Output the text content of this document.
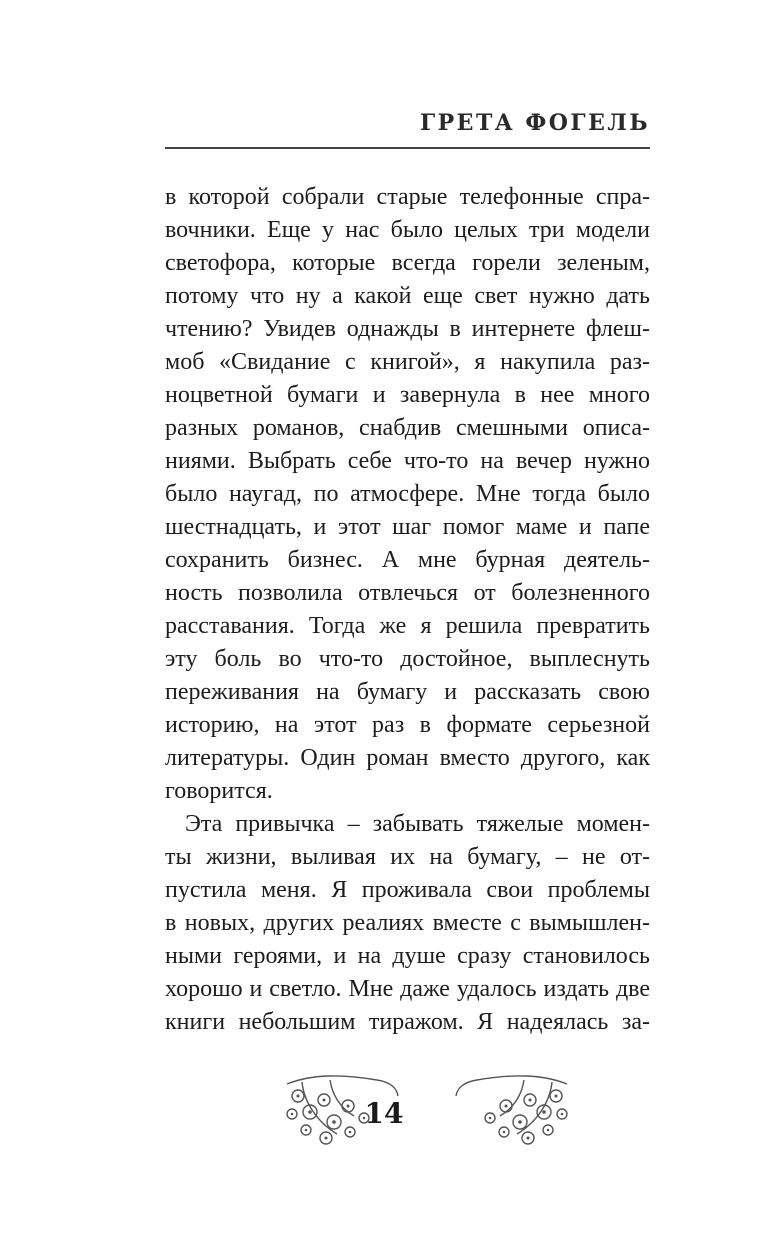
ГРЕТА ФОГЕЛЬ
в которой собрали старые телефонные спра-
вочники. Еще у нас было целых три модели
светофора, которые всегда горели зеленым,
потому что ну а какой еще свет нужно дать
чтению? Увидев однажды в интернете флеш-
моб «Свидание с книгой», я накупила раз-
ноцветной бумаги и завернула в нее много
разных романов, снабдив смешными описа-
ниями. Выбрать себе что-то на вечер нужно
было наугад, по атмосфере. Мне тогда было
шестнадцать, и этот шаг помог маме и папе
сохранить бизнес. А мне бурная деятель-
ность позволила отвлечься от болезненного
расставания. Тогда же я решила превратить
эту боль во что-то достойное, выплеснуть
переживания на бумагу и рассказать свою
историю, на этот раз в формате серьезной
литературы. Один роман вместо другого, как
говорится.
Эта привычка – забывать тяжелые момен-
ты жизни, выливая их на бумагу, – не от-
пустила меня. Я проживала свои проблемы
в новых, других реалиях вместе с вымышлен-
ными героями, и на душе сразу становилось
хорошо и светло. Мне даже удалось издать две
книги небольшим тиражом. Я надеялась за-
14
